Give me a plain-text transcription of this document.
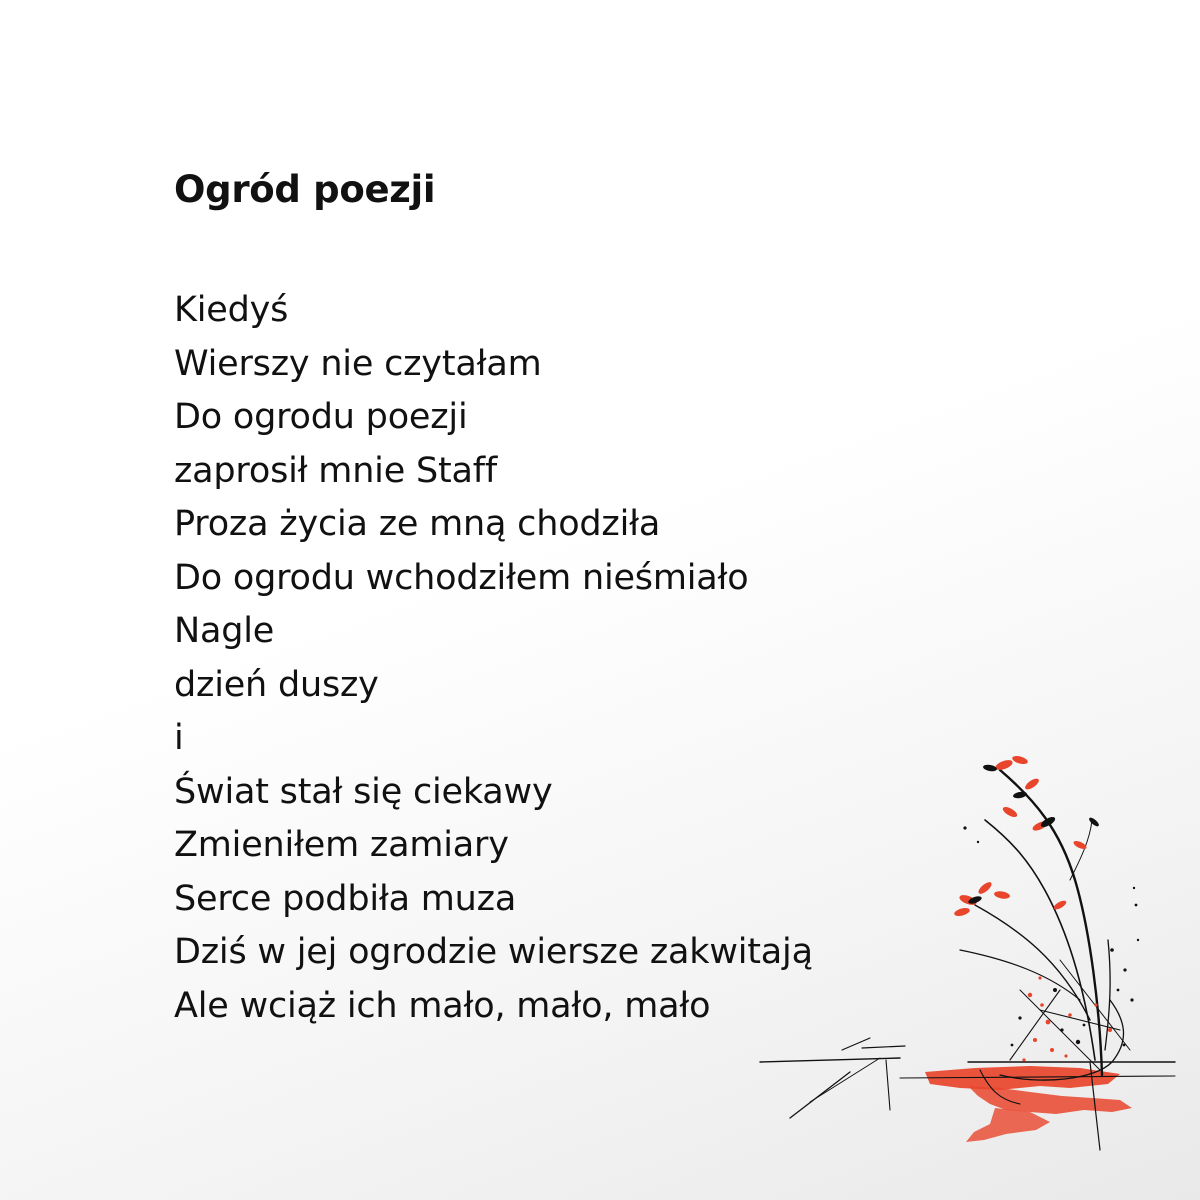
Ogród poezji
Kiedyś
Wierszy nie czytałam
Do ogrodu poezji
zaprosił mnie Staff
Proza życia ze mną chodziła
Do ogrodu wchodziłem nieśmiało
Nagle
dzień duszy
i
Świat stał się ciekawy
Zmieniłem zamiary
Serce podbiła muza
Dziś w jej ogrodzie wiersze zakwitają
Ale wciąż ich mało, mało, mało
